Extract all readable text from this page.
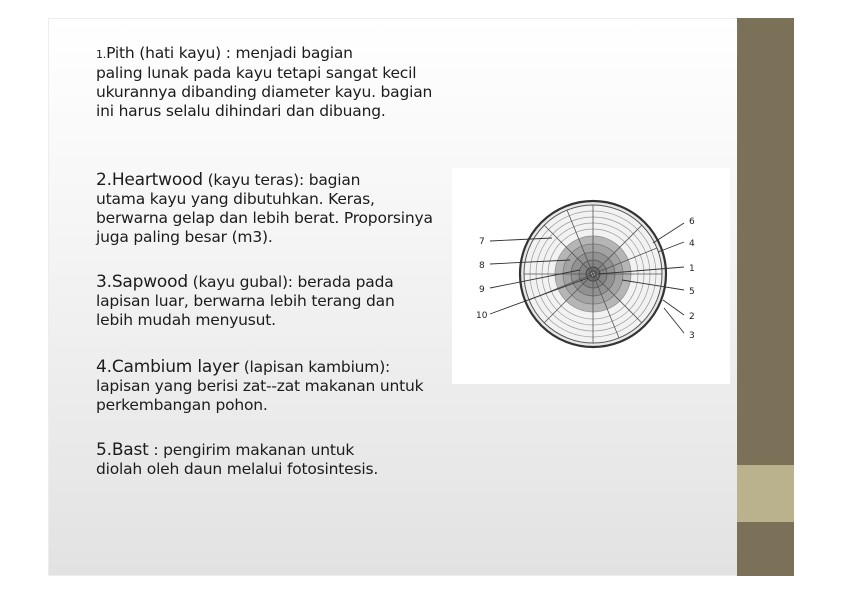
1.Pith (hati kayu) : menjadi bagian
paling lunak pada kayu tetapi sangat kecil ukurannya dibanding diameter kayu. bagian ini harus selalu dihindari dan dibuang.

2.Heartwood (kayu teras): bagian
utama kayu yang dibutuhkan. Keras, berwarna gelap dan lebih berat. Proporsinya juga paling besar (m3).

3.Sapwood (kayu gubal): berada pada
lapisan luar, berwarna lebih terang dan lebih mudah menyusut.

4.Cambium layer (lapisan kambium):
lapisan yang berisi zat--zat makanan untuk perkembangan pohon.

5.Bast : pengirim makanan untuk
diolah oleh daun melalui fotosintesis.

7
8
9
10
6
4
1
5
2
3
